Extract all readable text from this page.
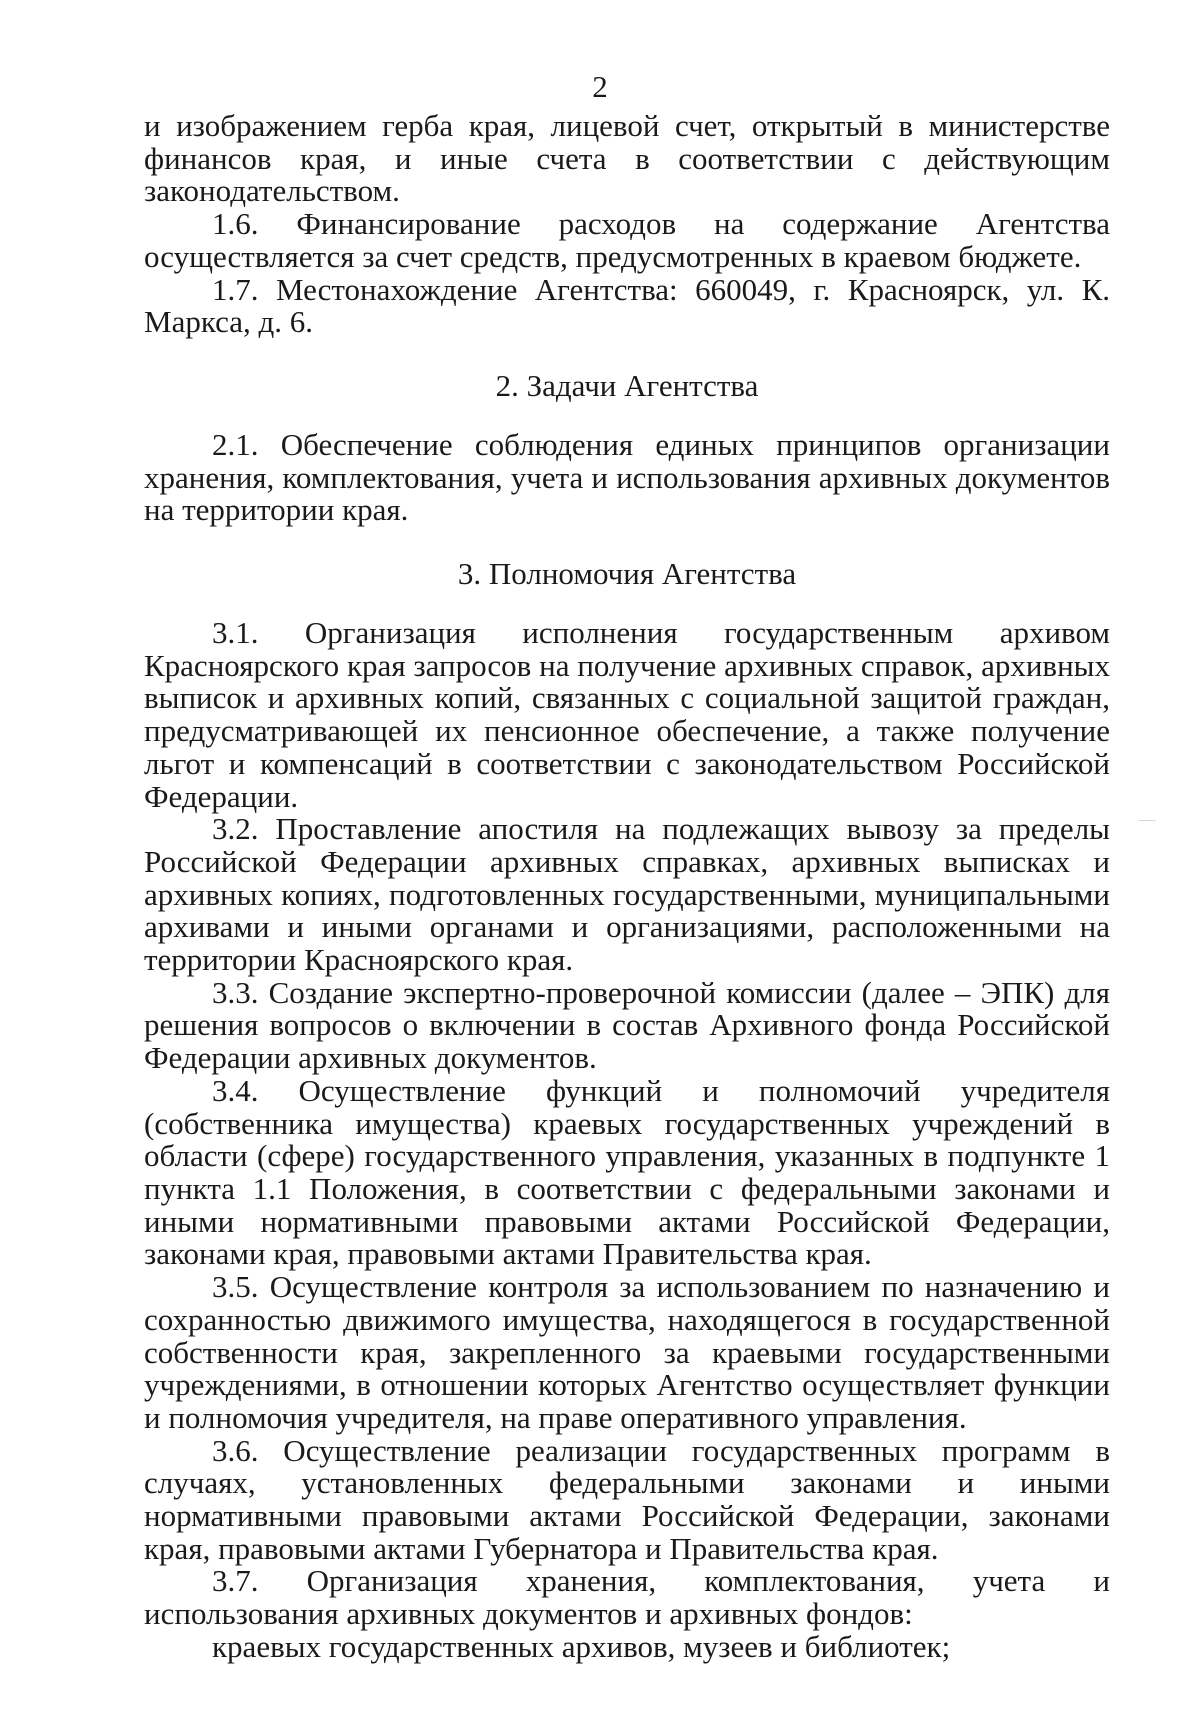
2

и изображением герба края, лицевой счет, открытый в министерстве финансов края, и иные счета в соответствии с действующим законодательством.

1.6. Финансирование расходов на содержание Агентства осуществляется за счет средств, предусмотренных в краевом бюджете.

1.7. Местонахождение Агентства: 660049, г. Красноярск, ул. К. Маркса, д. 6.

2. Задачи Агентства

2.1. Обеспечение соблюдения единых принципов организации хранения, комплектования, учета и использования архивных документов на территории края.

3. Полномочия Агентства

3.1. Организация исполнения государственным архивом Красноярского края запросов на получение архивных справок, архивных выписок и архивных копий, связанных с социальной защитой граждан, предусматривающей их пенсионное обеспечение, а также получение льгот и компенсаций в соответствии с законодательством Российской Федерации.

3.2. Проставление апостиля на подлежащих вывозу за пределы Российской Федерации архивных справках, архивных выписках и архивных копиях, подготовленных государственными, муниципальными архивами и иными органами и организациями, расположенными на территории Красноярского края.

3.3. Создание экспертно-проверочной комиссии (далее – ЭПК) для решения вопросов о включении в состав Архивного фонда Российской Федерации архивных документов.

3.4. Осуществление функций и полномочий учредителя (собственника имущества) краевых государственных учреждений в области (сфере) государственного управления, указанных в подпункте 1 пункта 1.1 Положения, в соответствии с федеральными законами и иными нормативными правовыми актами Российской Федерации, законами края, правовыми актами Правительства края.

3.5. Осуществление контроля за использованием по назначению и сохранностью движимого имущества, находящегося в государственной собственности края, закрепленного за краевыми государственными учреждениями, в отношении которых Агентство осуществляет функции и полномочия учредителя, на праве оперативного управления.

3.6. Осуществление реализации государственных программ в случаях, установленных федеральными законами и иными нормативными правовыми актами Российской Федерации, законами края, правовыми актами Губернатора и Правительства края.

3.7. Организация хранения, комплектования, учета и использования архивных документов и архивных фондов:

краевых государственных архивов, музеев и библиотек;
